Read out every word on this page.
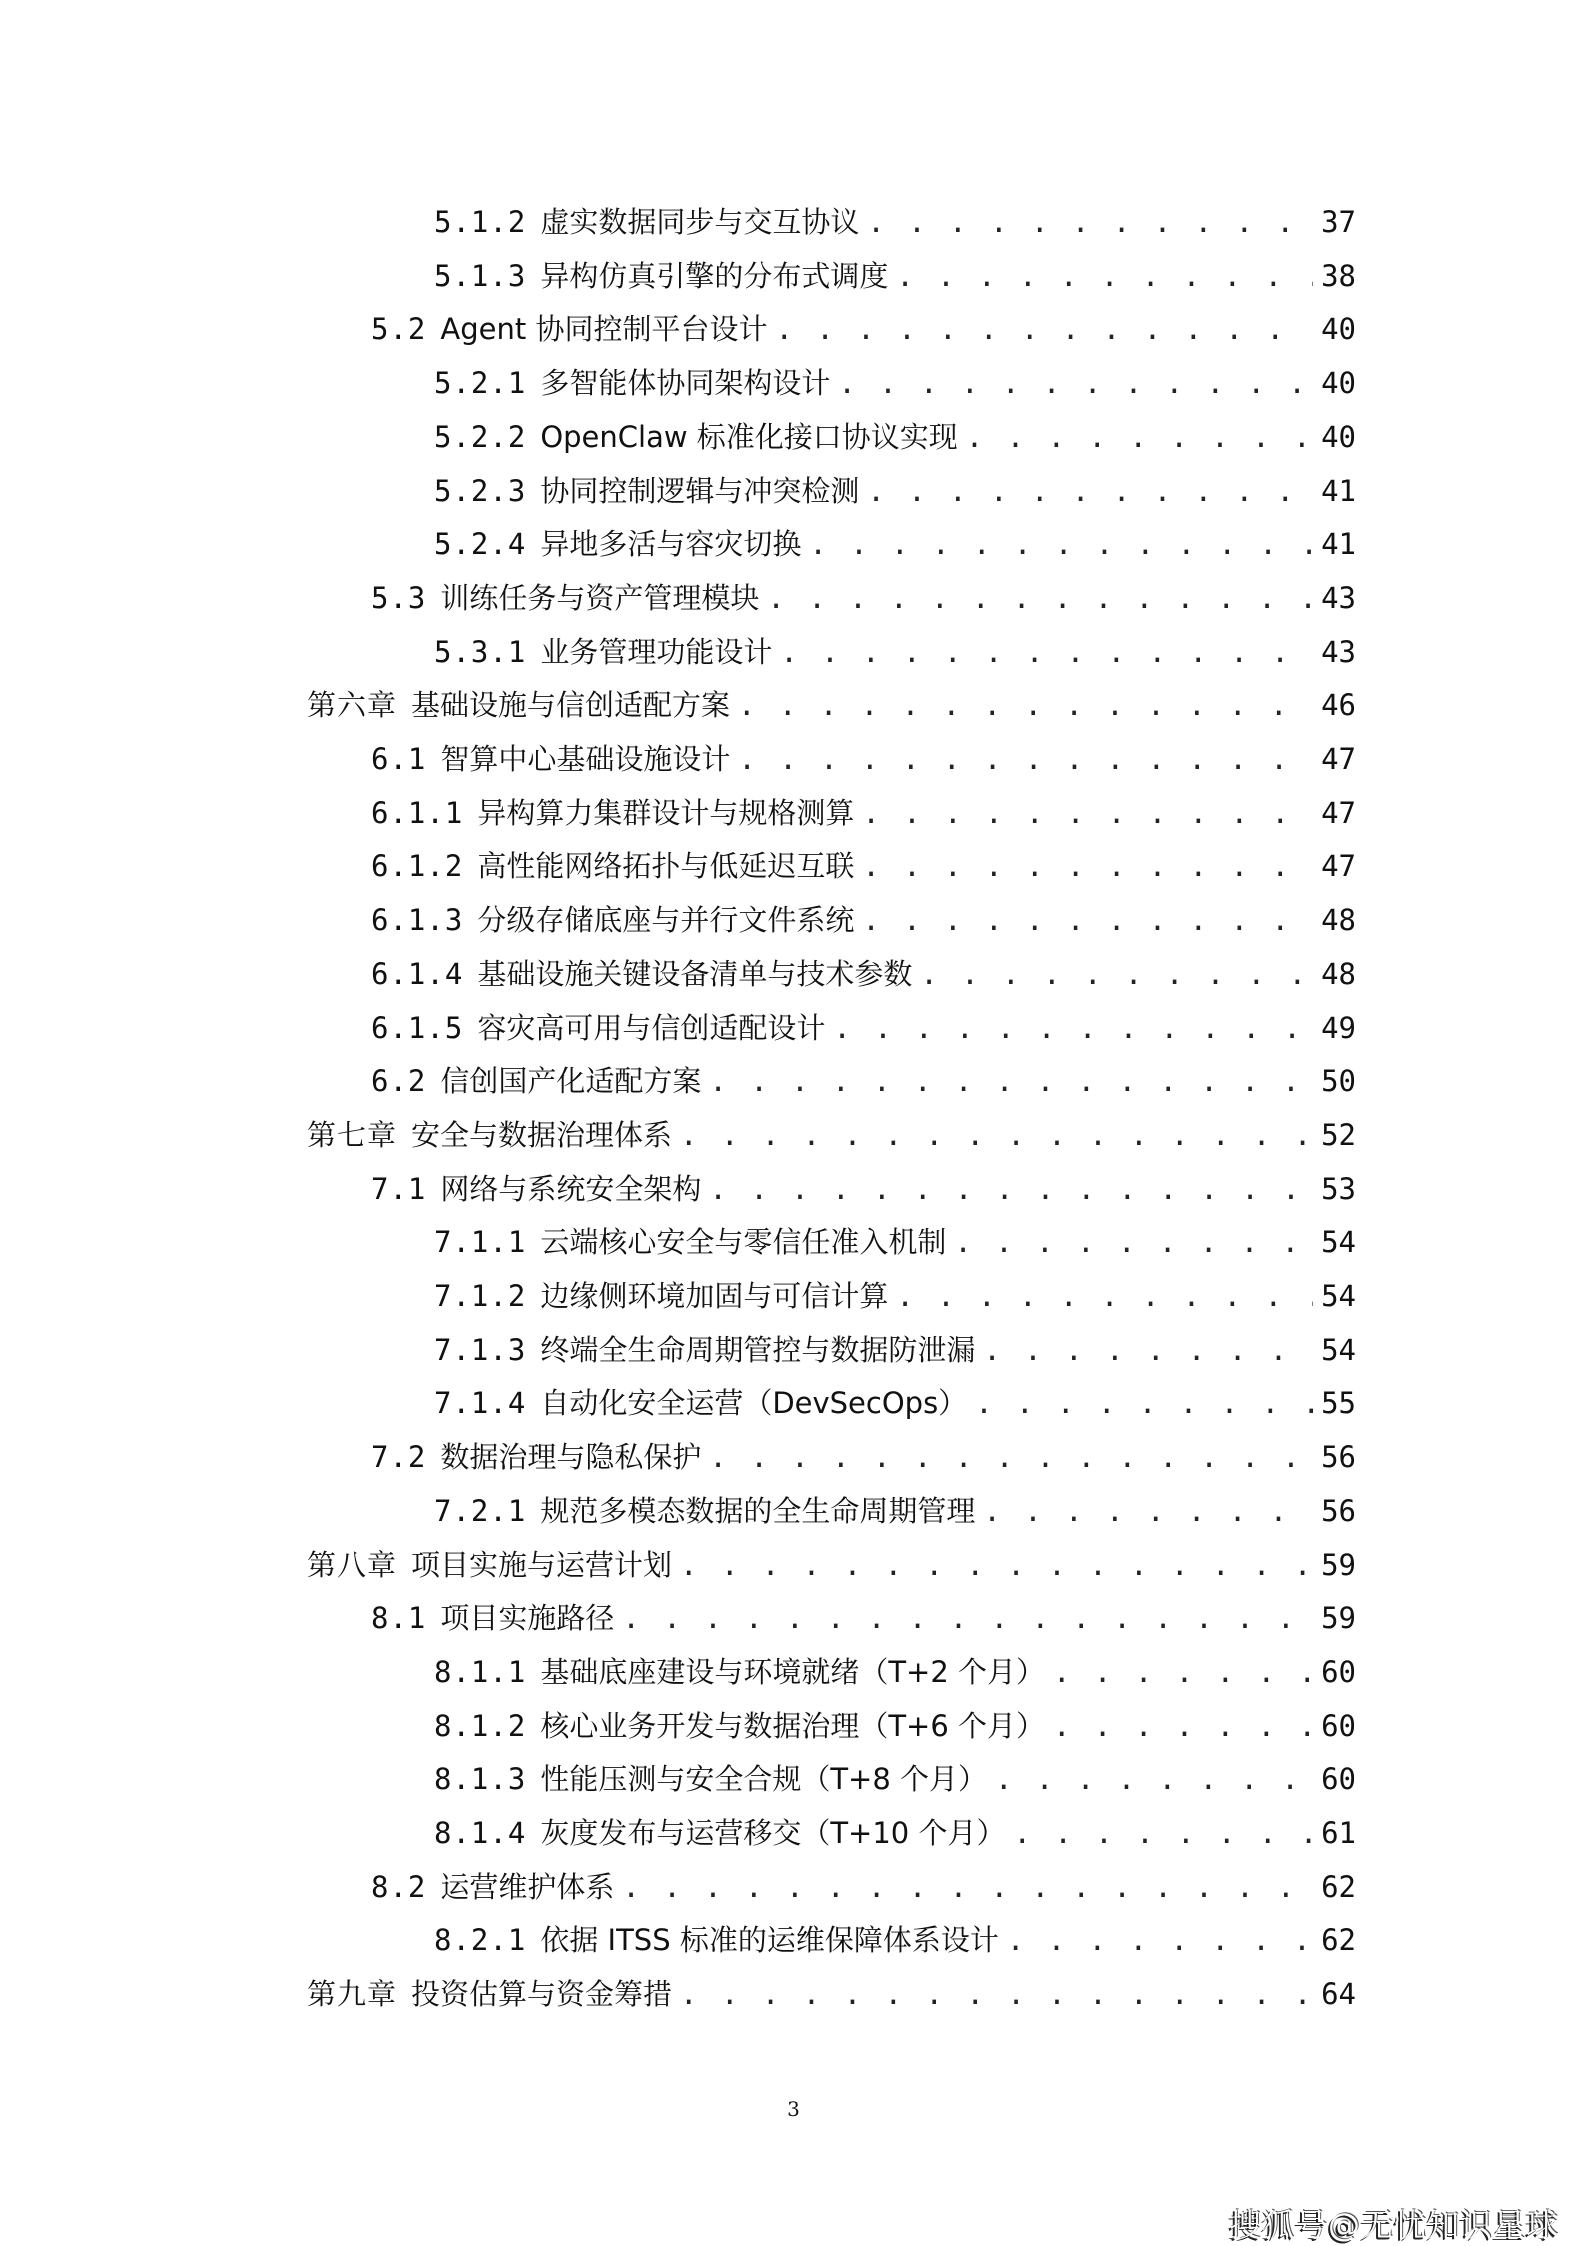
5.1.2 虚实数据同步与交互协议 . . .	37
5.1.3 异构仿真引擎的分布式调度 . . .	38
5.2 Agent 协同控制平台设计 . . .	40
5.2.1 多智能体协同架构设计 . . .	40
5.2.2 OpenClaw 标准化接口协议实现 . . .	40
5.2.3 协同控制逻辑与冲突检测 . . .	41
5.2.4 异地多活与容灾切换 . . .	41
5.3 训练任务与资产管理模块 . . .	43
5.3.1 业务管理功能设计 . . .	43
第六章 基础设施与信创适配方案 . . .	46
6.1 智算中心基础设施设计 . . .	47
6.1.1 异构算力集群设计与规格测算 . . .	47
6.1.2 高性能网络拓扑与低延迟互联 . . .	47
6.1.3 分级存储底座与并行文件系统 . . .	48
6.1.4 基础设施关键设备清单与技术参数 . . .	48
6.1.5 容灾高可用与信创适配设计 . . .	49
6.2 信创国产化适配方案 . . .	50
第七章 安全与数据治理体系 . . .	52
7.1 网络与系统安全架构 . . .	53
7.1.1 云端核心安全与零信任准入机制 . . .	54
7.1.2 边缘侧环境加固与可信计算 . . .	54
7.1.3 终端全生命周期管控与数据防泄漏 . . .	54
7.1.4 自动化安全运营（DevSecOps） . . .	55
7.2 数据治理与隐私保护 . . .	56
7.2.1 规范多模态数据的全生命周期管理 . . .	56
第八章 项目实施与运营计划 . . .	59
8.1 项目实施路径 . . .	59
8.1.1 基础底座建设与环境就绪（T+2 个月） . . .	60
8.1.2 核心业务开发与数据治理（T+6 个月） . . .	60
8.1.3 性能压测与安全合规（T+8 个月） . . .	60
8.1.4 灰度发布与运营移交（T+10 个月） . . .	61
8.2 运营维护体系 . . .	62
8.2.1 依据 ITSS 标准的运维保障体系设计 . . .	62
第九章 投资估算与资金筹措 . . .	64
3
搜狐号@无忧知识星球
